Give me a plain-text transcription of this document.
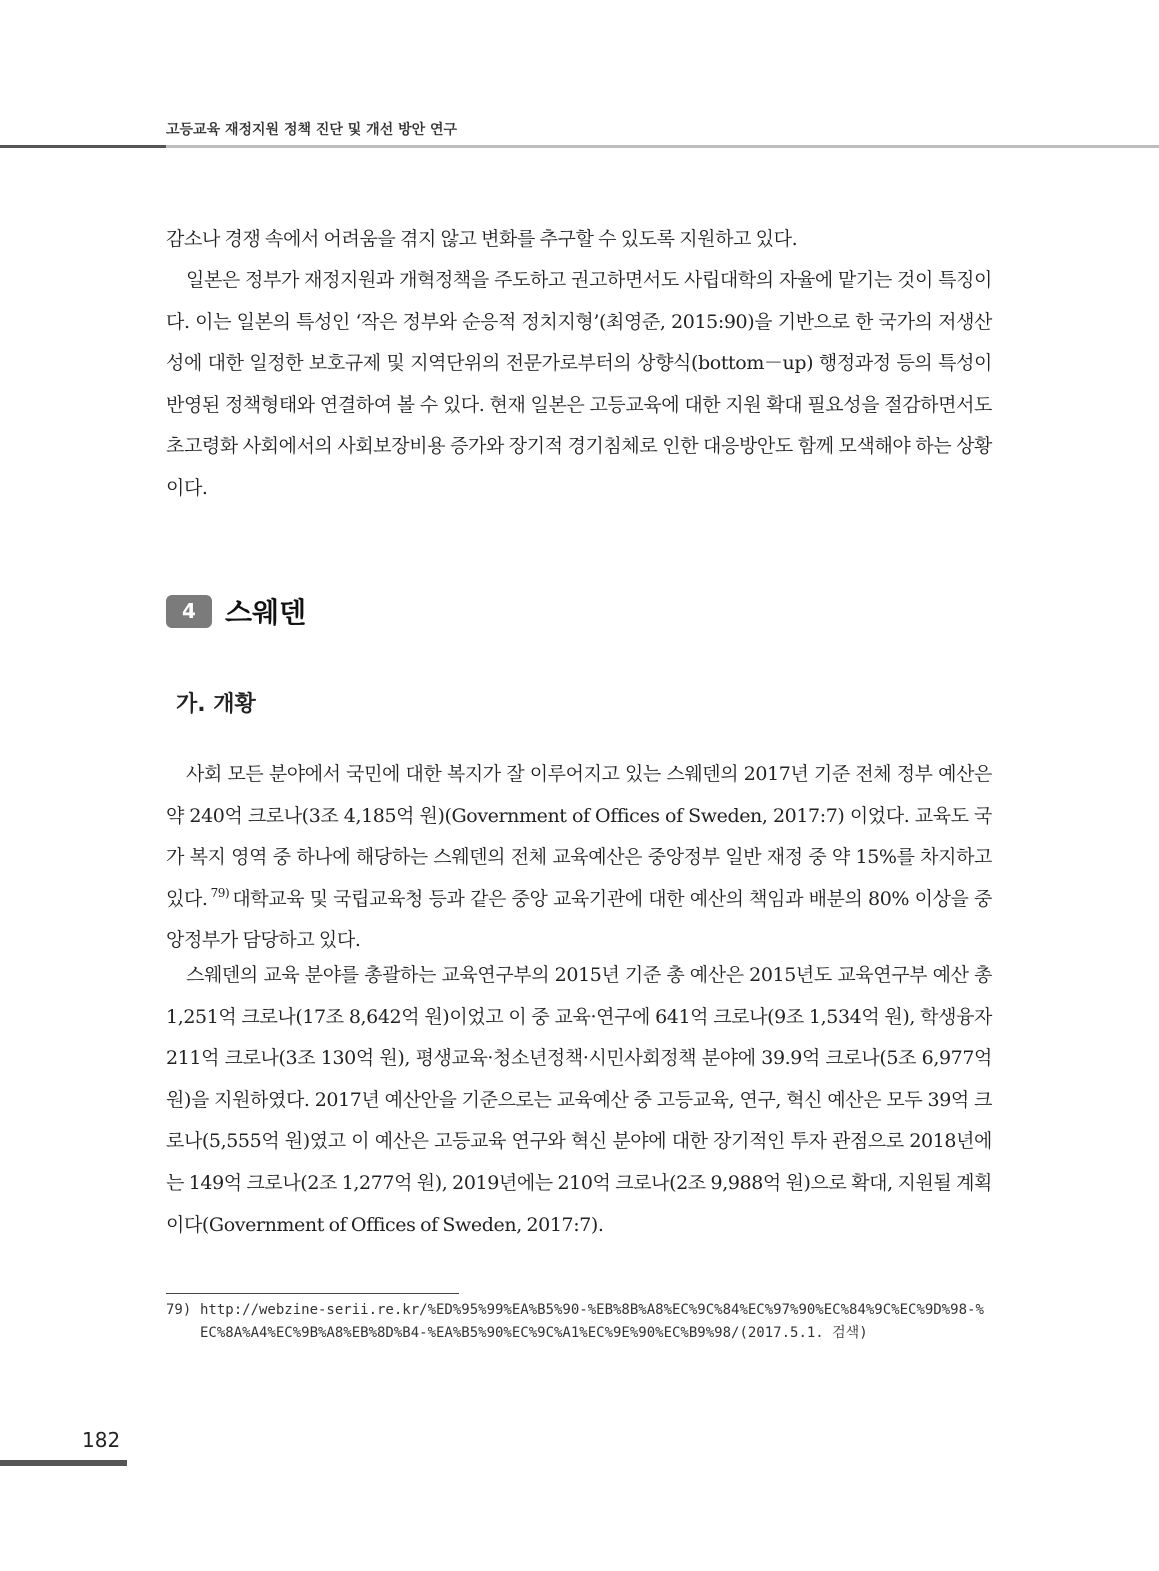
고등교육 재정지원 정책 진단 및 개선 방안 연구

감소나 경쟁 속에서 어려움을 겪지 않고 변화를 추구할 수 있도록 지원하고 있다.

일본은 정부가 재정지원과 개혁정책을 주도하고 권고하면서도 사립대학의 자율에 맡기는 것이 특징이다. 이는 일본의 특성인 ‘작은 정부와 순응적 정치지형’(최영준, 2015:90)을 기반으로 한 국가의 저생산성에 대한 일정한 보호규제 및 지역단위의 전문가로부터의 상향식(bottom－up) 행정과정 등의 특성이 반영된 정책형태와 연결하여 볼 수 있다. 현재 일본은 고등교육에 대한 지원 확대 필요성을 절감하면서도 초고령화 사회에서의 사회보장비용 증가와 장기적 경기침체로 인한 대응방안도 함께 모색해야 하는 상황이다.

4	스웨덴
가. 개황

사회 모든 분야에서 국민에 대한 복지가 잘 이루어지고 있는 스웨덴의 2017년 기준 전체 정부 예산은 약 240억 크로나(3조 4,185억 원)(Government of Offices of Sweden, 2017:7) 이었다. 교육도 국가 복지 영역 중 하나에 해당하는 스웨덴의 전체 교육예산은 중앙정부 일반 재정 중 약 15%를 차지하고 있다. $^{79)}$ 대학교육 및 국립교육청 등과 같은 중앙 교육기관에 대한 예산의 책임과 배분의 80% 이상을 중앙정부가 담당하고 있다.

스웨덴의 교육 분야를 총괄하는 교육연구부의 2015년 기준 총 예산은 2015년도 교육연구부 예산 총 1,251억 크로나(17조 8,642억 원)이었고 이 중 교육·연구에 641억 크로나(9조 1,534억 원), 학생융자 211억 크로나(3조 130억 원), 평생교육·청소년정책·시민사회정책 분야에 39.9억 크로나(5조 6,977억 원)을 지원하였다. 2017년 예산안을 기준으로는 교육예산 중 고등교육, 연구, 혁신 예산은 모두 39억 크로나(5,555억 원)였고 이 예산은 고등교육 연구와 혁신 분야에 대한 장기적인 투자 관점으로 2018년에는 149억 크로나(2조 1,277억 원), 2019년에는 210억 크로나(2조 9,988억 원)으로 확대, 지원될 계획이다(Government of Offices of Sweden, 2017:7).

79) http://webzine-serii.re.kr/%ED%95%99%EA%B5%90-%EB%8B%A8%EC%9C%84%EC%97%90%EC%84%9C%EC%9D%98-%EC%8A%A4%EC%9B%A8%EB%8D%B4-%EA%B5%90%EC%9C%A1%EC%9E%90%EC%B9%98/(2017.5.1. 검색)
182
